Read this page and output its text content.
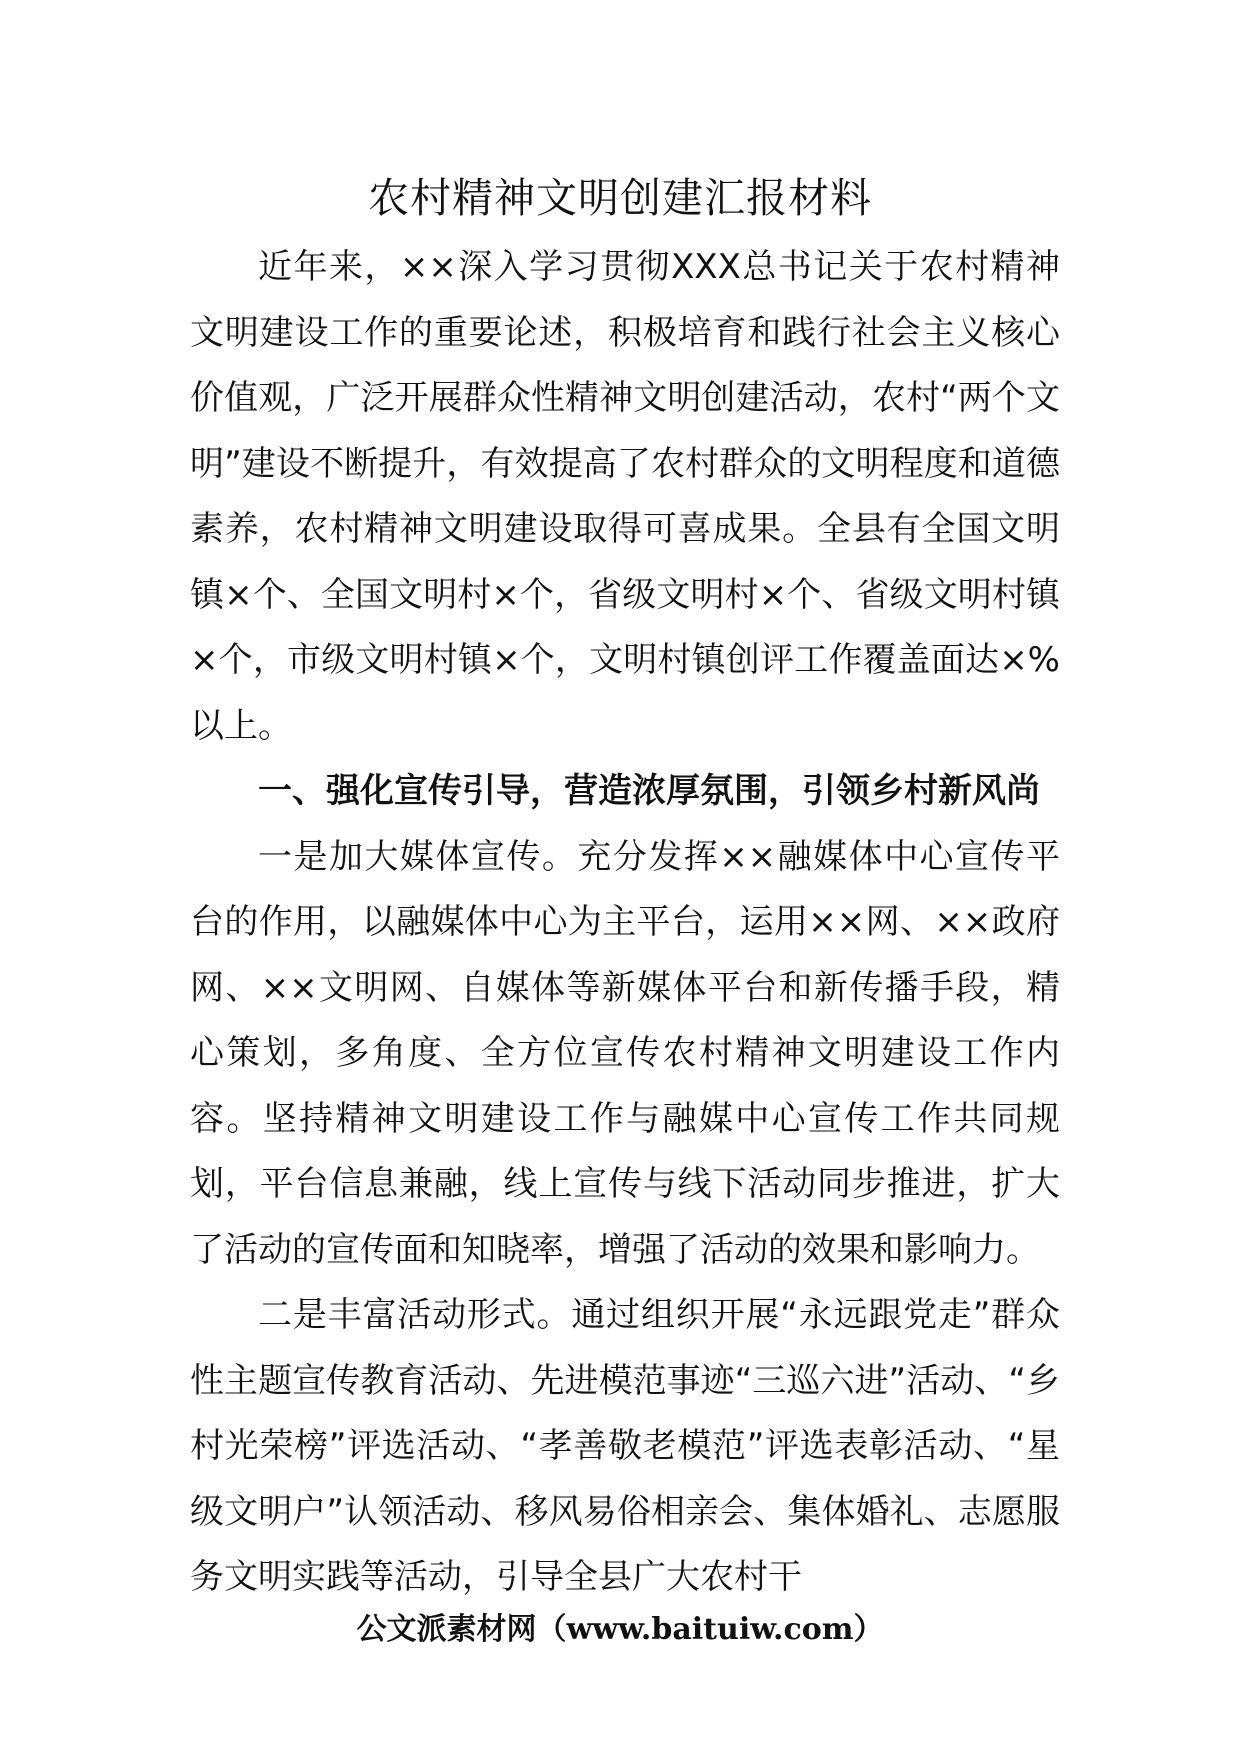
农村精神文明创建汇报材料

近年来，××深入学习贯彻XXX总书记关于农村精神文明建设工作的重要论述，积极培育和践行社会主义核心价值观，广泛开展群众性精神文明创建活动，农村“两个文明”建设不断提升，有效提高了农村群众的文明程度和道德素养，农村精神文明建设取得可喜成果。全县有全国文明镇×个、全国文明村×个，省级文明村×个、省级文明村镇×个，市级文明村镇×个，文明村镇创评工作覆盖面达×%以上。

一、强化宣传引导，营造浓厚氛围，引领乡村新风尚

一是加大媒体宣传。充分发挥××融媒体中心宣传平台的作用，以融媒体中心为主平台，运用××网、××政府网、××文明网、自媒体等新媒体平台和新传播手段，精心策划，多角度、全方位宣传农村精神文明建设工作内容。坚持精神文明建设工作与融媒中心宣传工作共同规划，平台信息兼融，线上宣传与线下活动同步推进，扩大了活动的宣传面和知晓率，增强了活动的效果和影响力。

二是丰富活动形式。通过组织开展“永远跟党走”群众性主题宣传教育活动、先进模范事迹“三巡六进”活动、“乡村光荣榜”评选活动、“孝善敬老模范”评选表彰活动、“星级文明户”认领活动、移风易俗相亲会、集体婚礼、志愿服务文明实践等活动，引导全县广大农村干

公文派素材网（www.baituiw.com）
